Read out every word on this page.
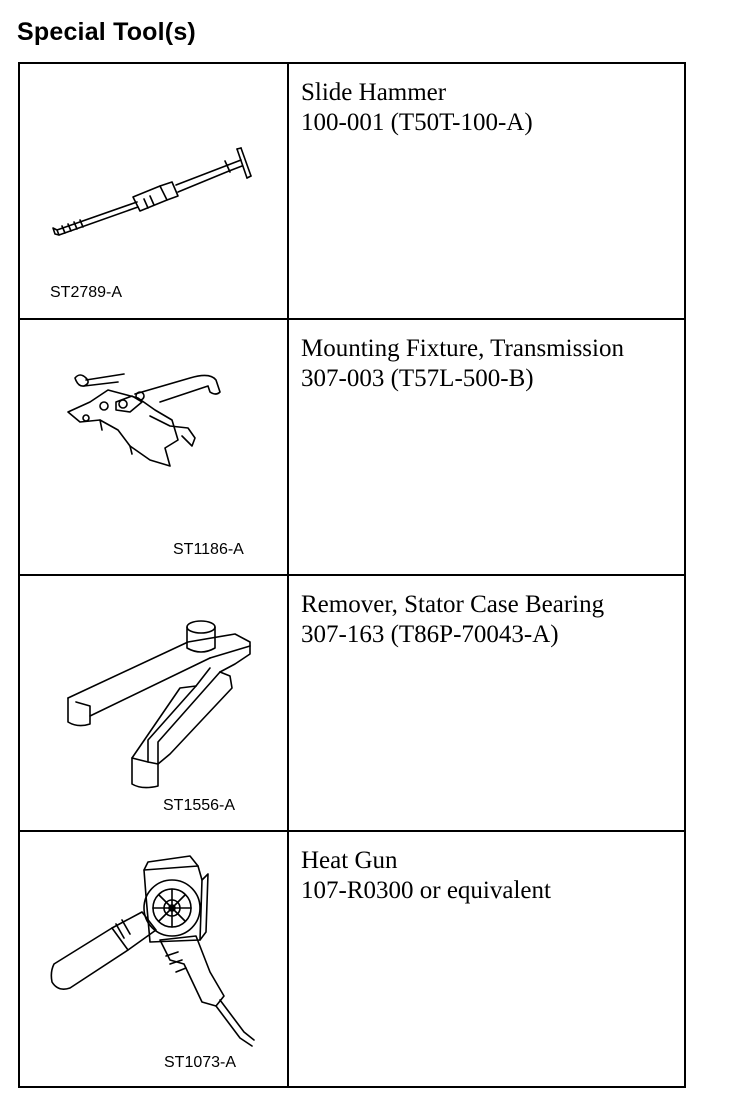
Special Tool(s)
ST2789-A
Slide Hammer
100-001 (T50T-100-A)
ST1186-A
Mounting Fixture, Transmission
307-003 (T57L-500-B)
ST1556-A
Remover, Stator Case Bearing
307-163 (T86P-70043-A)
ST1073-A
Heat Gun
107-R0300 or equivalent
